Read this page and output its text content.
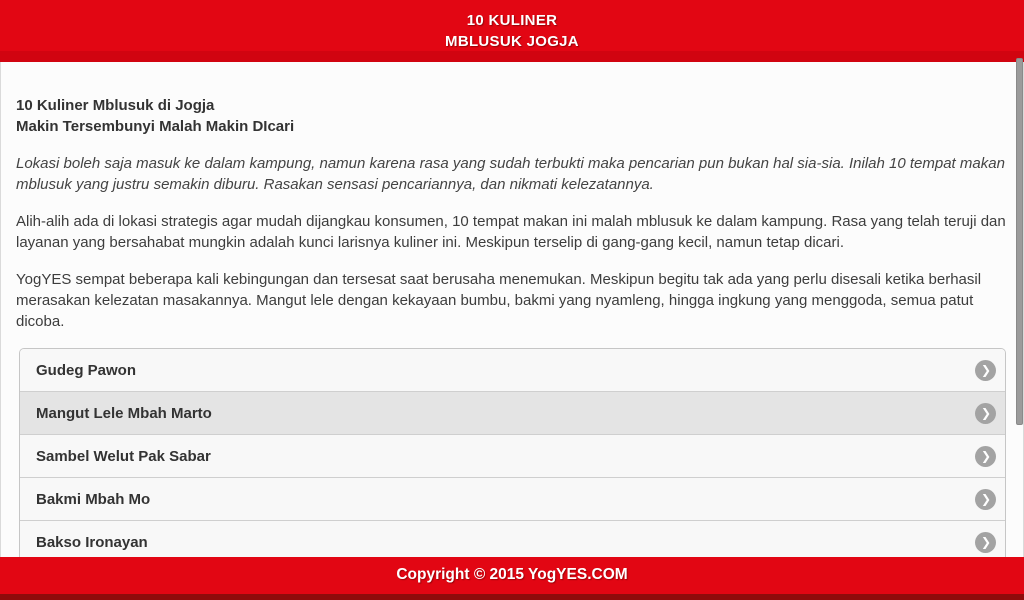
10 KULINER
MBLUSUK JOGJA
10 Kuliner Mblusuk di Jogja
Makin Tersembunyi Malah Makin DIcari

Lokasi boleh saja masuk ke dalam kampung, namun karena rasa yang sudah terbukti maka pencarian pun bukan hal sia-sia. Inilah 10 tempat makan mblusuk yang justru semakin diburu. Rasakan sensasi pencariannya, dan nikmati kelezatannya.

Alih-alih ada di lokasi strategis agar mudah dijangkau konsumen, 10 tempat makan ini malah mblusuk ke dalam kampung. Rasa yang telah teruji dan layanan yang bersahabat mungkin adalah kunci larisnya kuliner ini. Meskipun terselip di gang-gang kecil, namun tetap dicari.

YogYES sempat beberapa kali kebingungan dan tersesat saat berusaha menemukan. Meskipun begitu tak ada yang perlu disesali ketika berhasil merasakan kelezatan masakannya. Mangut lele dengan kekayaan bumbu, bakmi yang nyamleng, hingga ingkung yang menggoda, semua patut dicoba.

Gudeg Pawon	❯
Mangut Lele Mbah Marto	❯
Sambel Welut Pak Sabar	❯
Bakmi Mbah Mo	❯
Bakso Ironayan	❯
Copyright © 2015 YogYES.COM
